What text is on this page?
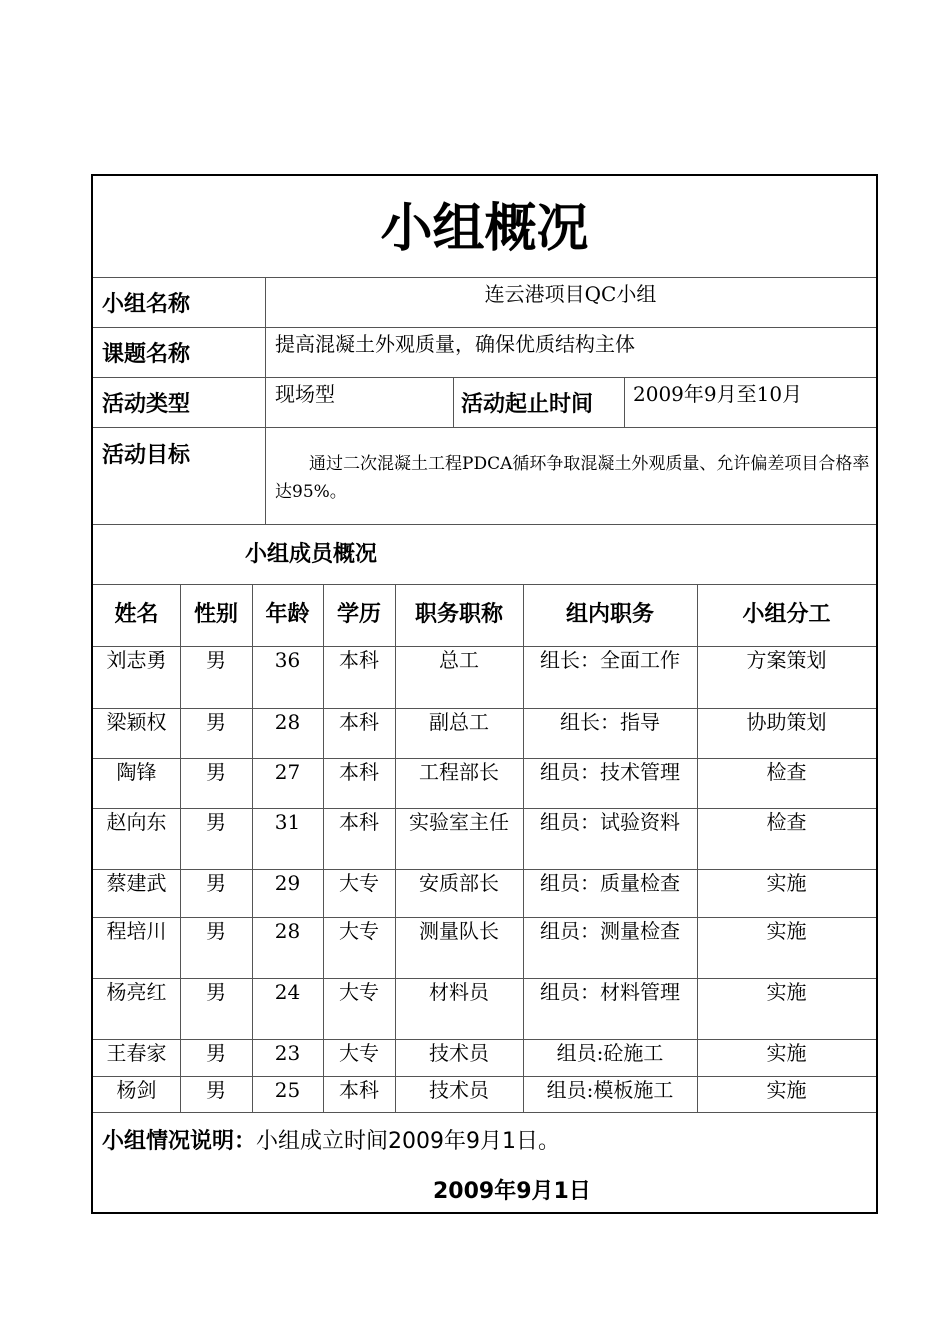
小组概况
小组名称	连云港项目QC小组
课题名称	提高混凝土外观质量，确保优质结构主体
活动类型	现场型	活动起止时间 2009年9月至10月
活动目标	通过二次混凝土工程PDCA循环争取混凝土外观质量、允许偏差项目合格率达95%。
小组成员概况
姓名	性别	年龄	学历	职务职称	组内职务	小组分工
刘志勇	男	36	本科	总工	组长：全面工作	方案策划
梁颖权	男	28	本科	副总工	组长：指导	协助策划
陶锋	男	27	本科	工程部长	组员：技术管理	检查
赵向东	男	31	本科	实验室主任	组员：试验资料	检查
蔡建武	男	29	大专	安质部长	组员：质量检查	实施
程培川	男	28	大专	测量队长	组员：测量检查	实施
杨亮红	男	24	大专	材料员	组员：材料管理	实施
王春家	男	23	大专	技术员	组员:砼施工	实施
杨剑	男	25	本科	技术员	组员:模板施工	实施
小组情况说明：小组成立时间2009年9月1日。
2009年9月1日
